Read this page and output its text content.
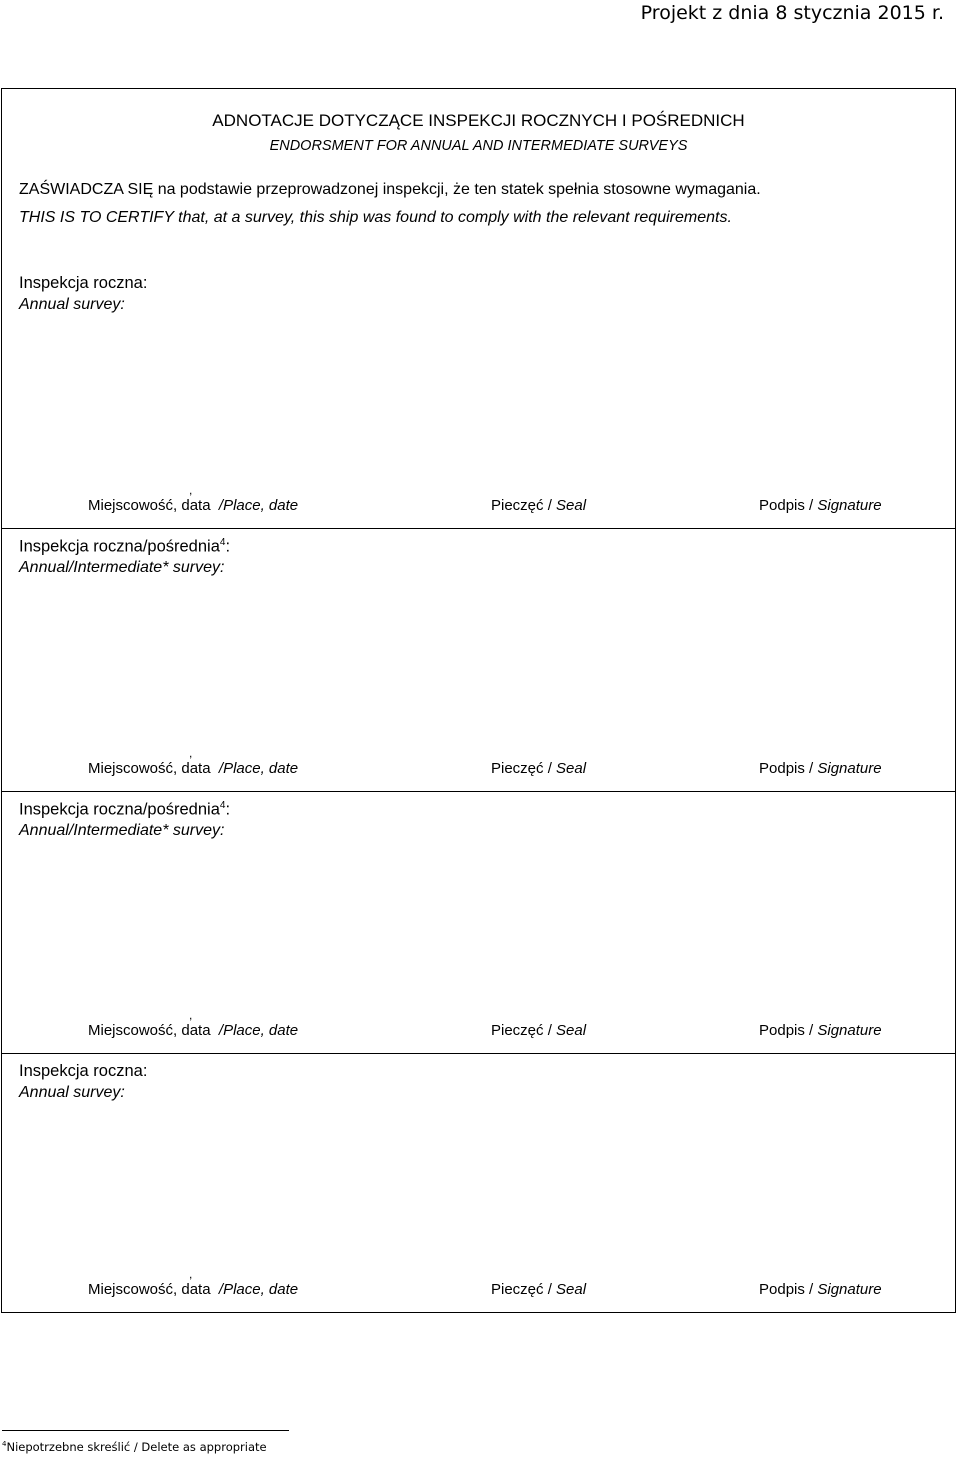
Projekt z dnia 8 stycznia 2015 r.
ADNOTACJE DOTYCZĄCE INSPEKCJI ROCZNYCH I POŚREDNICH
ENDORSMENT FOR ANNUAL AND INTERMEDIATE SURVEYS
ZAŚWIADCZA SIĘ na podstawie przeprowadzonej inspekcji, że ten statek spełnia stosowne wymagania.
THIS IS TO CERTIFY that, at a survey, this ship was found to comply with the relevant requirements.
Inspekcja roczna:
Annual survey:
,
Miejscowość, data /Place, date	Pieczęć / Seal	Podpis / Signature
Inspekcja roczna/pośrednia$^4$:
Annual/Intermediate* survey:
,
Miejscowość, data /Place, date	Pieczęć / Seal	Podpis / Signature
Inspekcja roczna/pośrednia$^4$:
Annual/Intermediate* survey:
,
Miejscowość, data /Place, date	Pieczęć / Seal	Podpis / Signature
Inspekcja roczna:
Annual survey:
,
Miejscowość, data /Place, date	Pieczęć / Seal	Podpis / Signature
$^4$Niepotrzebne skreślić / Delete as appropriate
